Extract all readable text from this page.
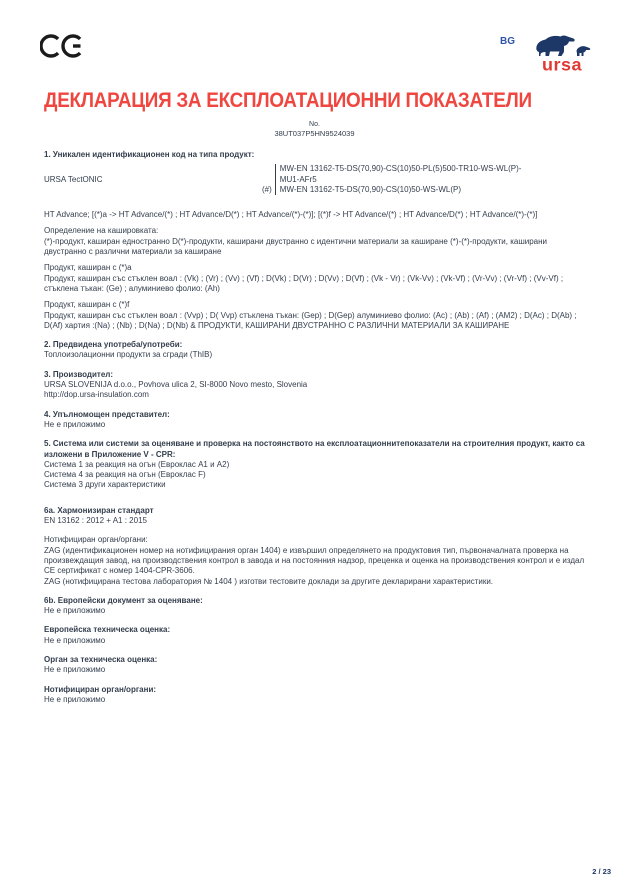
BG
ursa
ДЕКЛАРАЦИЯ ЗА ЕКСПЛОАТАЦИОННИ ПОКАЗАТЕЛИ
No.
38UT037P5HN9524039
1. Уникален идентификационен код на типа продукт:
URSA TectONIC
(#)
MW-EN 13162-T5-DS(70,90)-CS(10)50-PL(5)500-TR10-WS-WL(P)-MU1-AFr5
MW-EN 13162-T5-DS(70,90)-CS(10)50-WS-WL(P)
HT Advance; [(*)a -> HT Advance/(*) ; HT Advance/D(*) ; HT Advance/(*)-(*)]; [(*)f -> HT Advance/(*) ; HT Advance/D(*) ; HT Advance/(*)-(*)]
Определение на кашировката:
(*)-продукт, каширан едностранно D(*)-продукти, каширани двустранно с идентични материали за каширане (*)-(*)-продукти, каширани двустранно с различни материали за каширане
Продукт, каширан с (*)a
Продукт, каширан със стъклен воал : (Vk) ; (Vr) ; (Vv) ; (Vf) ; D(Vk) ; D(Vr) ; D(Vv) ; D(Vf) ; (Vk - Vr) ; (Vk-Vv) ; (Vk-Vf) ; (Vr-Vv) ; (Vr-Vf) ; (Vv-Vf) ; стъклена тъкан: (Ge) ; алуминиево фолио: (Ah)
Продукт, каширан с (*)f
Продукт, каширан със стъклен воал : (Vvp) ; D( Vvp) стъклена тъкан: (Gep) ; D(Gep) алуминиево фолио: (Ac) ; (Ab) ; (Af) ; (AM2) ; D(Ac) ; D(Ab) ; D(Af) хартия :(Na) ; (Nb) ; D(Na) ; D(Nb) & ПРОДУКТИ, КАШИРАНИ ДВУСТРАННО С РАЗЛИЧНИ МАТЕРИАЛИ ЗА КАШИРАНЕ
2. Предвидена употреба/употреби:
Топлоизолационни продукти за сгради (ThIB)
3. Производител:
URSA SLOVENIJA d.o.o., Povhova ulica 2, SI-8000 Novo mesto, Slovenia
http://dop.ursa-insulation.com
4. Упълномощен представител:
Не е приложимо
5. Система или системи за оценяване и проверка на постоянството на експлоатационнитепоказатели на строителния продукт, както са изложени в Приложение V - CPR:
Система 1 за реакция на огън (Евроклас A1 и A2)
Система 4 за реакция на огън (Евроклас F)
Система 3 други характеристики
6a. Хармонизиран стандарт
EN 13162 : 2012 + A1 : 2015
Нотифициран орган/органи:
ZAG (идентификационен номер на нотифицирания орган 1404) е извършил определянето на продуктовия тип, първоначалната проверка на произвеждащия завод, на производствения контрол в завода и на постоянния надзор, преценка и оценка на производствения контрол и е издал CE сертификат с номер 1404-CPR-3606.
ZAG (нотифицирана тестова лаборатория № 1404 ) изготви тестовите доклади за другите декларирани характеристики.
6b. Европейски документ за оценяване:
Не е приложимо
Европейска техническа оценка:
Не е приложимо
Орган за техническа оценка:
Не е приложимо
Нотифициран орган/органи:
Не е приложимо
2 / 23
